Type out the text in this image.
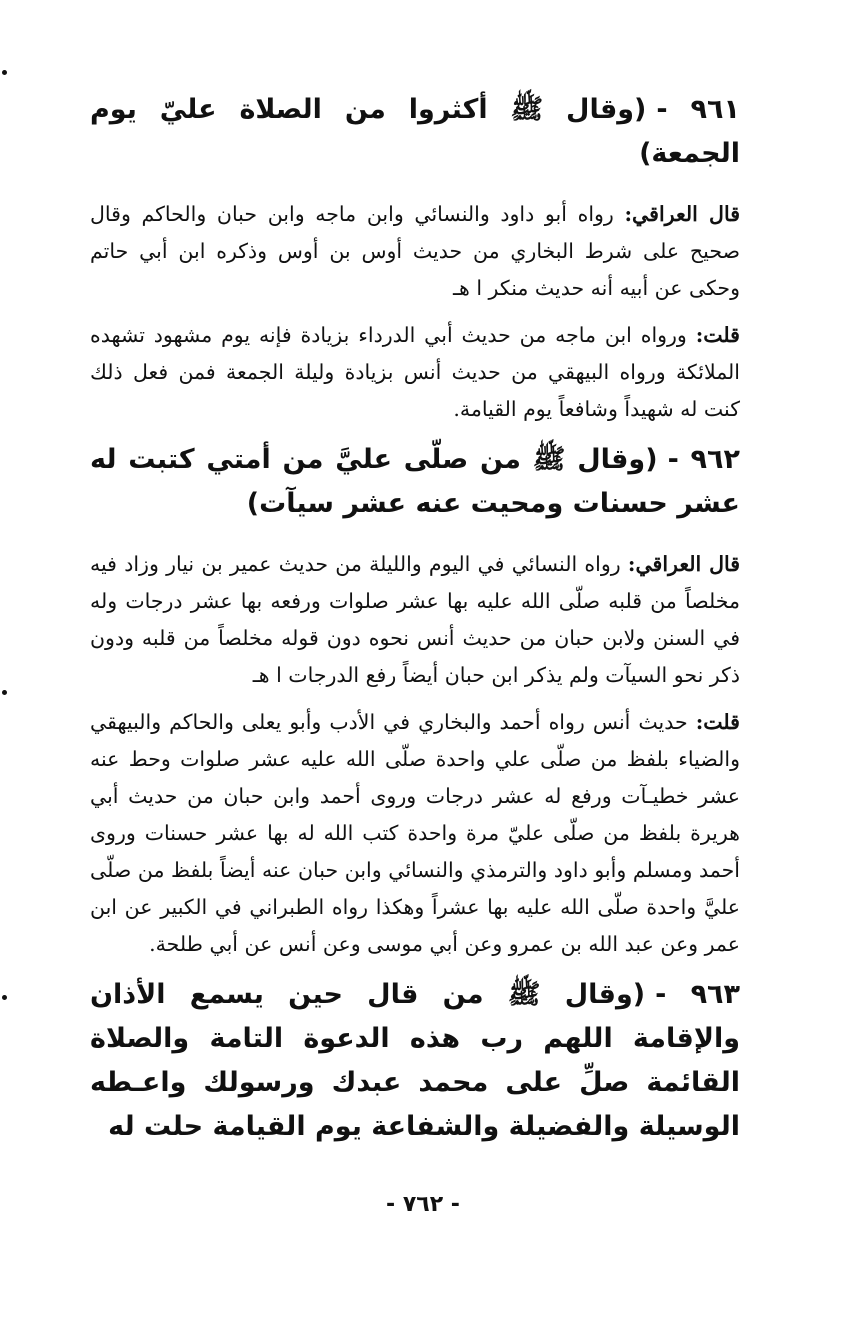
٩٦١ -(وقال ﷺ أكثروا من الصلاة عليّ يوم الجمعة)

قال العراقي: رواه أبو داود والنسائي وابن ماجه وابن حبان والحاكم وقال صحيح على شرط البخاري من حديث أوس بن أوس وذكره ابن أبي حاتم وحكى عن أبيه أنه حديث منكر ا هـ

قلت: ورواه ابن ماجه من حديث أبي الدرداء بزيادة فإنه يوم مشهود تشهده الملائكة ورواه البيهقي من حديث أنس بزيادة وليلة الجمعة فمن فعل ذلك كنت له شهيداً وشافعاً يوم القيامة.

٩٦٢ -(وقال ﷺ من صلّى عليَّ من أمتي كتبت له عشر حسنات ومحيت عنه عشر سيآت)

قال العراقي: رواه النسائي في اليوم والليلة من حديث عمير بن نيار وزاد فيه مخلصاً من قلبه صلّى الله عليه بها عشر صلوات ورفعه بها عشر درجات وله في السنن ولابن حبان من حديث أنس نحوه دون قوله مخلصاً من قلبه ودون ذكر نحو السيآت ولم يذكر ابن حبان أيضاً رفع الدرجات ا هـ

قلت: حديث أنس رواه أحمد والبخاري في الأدب وأبو يعلى والحاكم والبيهقي والضياء بلفظ من صلّى علي واحدة صلّى الله عليه عشر صلوات وحط عنه عشر خطيـآت ورفع له عشر درجات وروى أحمد وابن حبان من حديث أبي هريرة بلفظ من صلّى عليّ مرة واحدة كتب الله له بها عشر حسنات وروى أحمد ومسلم وأبو داود والترمذي والنسائي وابن حبان عنه أيضاً بلفظ من صلّى عليَّ واحدة صلّى الله عليه بها عشراً وهكذا رواه الطبراني في الكبير عن ابن عمر وعن عبد الله بن عمرو وعن أبي موسى وعن أنس عن أبي طلحة.

٩٦٣ -(وقال ﷺ من قال حين يسمع الأذان والإقامة اللهم رب هذه الدعوة التامة والصلاة القائمة صلِّ على محمد عبدك ورسولك واعـطه الوسيلة والفضيلة والشفاعة يوم القيامة حلت له
- ٧٦٢ -
